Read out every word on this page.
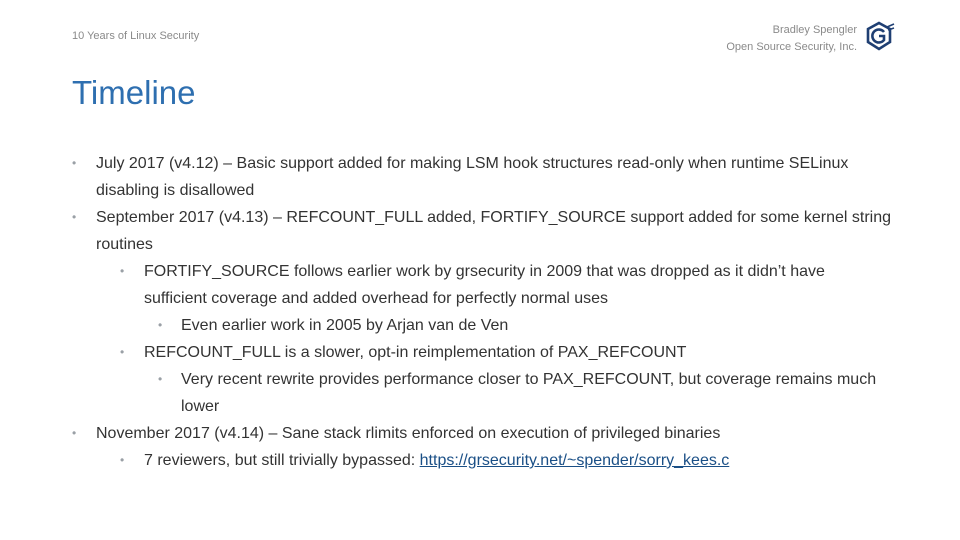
10 Years of Linux Security	Bradley Spengler
Open Source Security, Inc.
Timeline
• July 2017 (v4.12) – Basic support added for making LSM hook structures read-only when runtime SELinux disabling is disallowed
• September 2017 (v4.13) – REFCOUNT_FULL added, FORTIFY_SOURCE support added for some kernel string routines
• FORTIFY_SOURCE follows earlier work by grsecurity in 2009 that was dropped as it didn’t have sufficient coverage and added overhead for perfectly normal uses
• Even earlier work in 2005 by Arjan van de Ven
• REFCOUNT_FULL is a slower, opt-in reimplementation of PAX_REFCOUNT
• Very recent rewrite provides performance closer to PAX_REFCOUNT, but coverage remains much lower
• November 2017 (v4.14) – Sane stack rlimits enforced on execution of privileged binaries
• 7 reviewers, but still trivially bypassed: https://grsecurity.net/~spender/sorry_kees.c
